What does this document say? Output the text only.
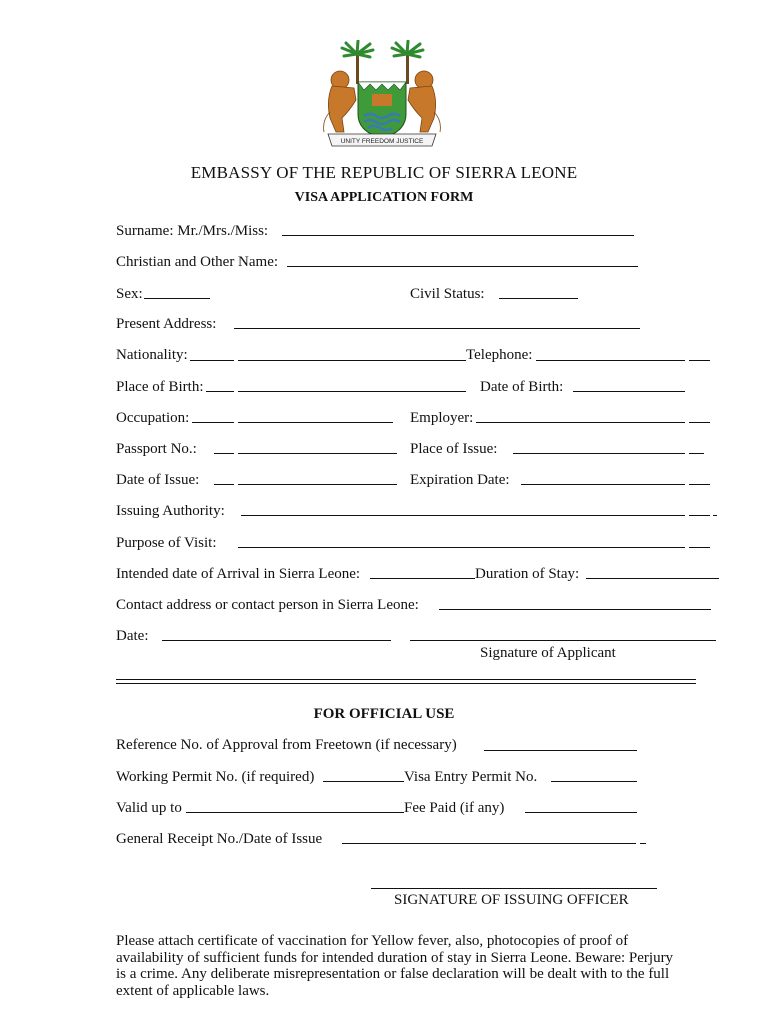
UNITY FREEDOM JUSTICE
EMBASSY OF THE REPUBLIC OF SIERRA LEONE
VISA APPLICATION FORM
Surname: Mr./Mrs./Miss:
Christian and Other Name:
Sex:	Civil Status:
Present Address:
Nationality:	Telephone:
Place of Birth:	Date of Birth:
Occupation:	Employer:
Passport No.:	Place of Issue:
Date of Issue:	Expiration Date:
Issuing Authority:
Purpose of Visit:
Intended date of Arrival in Sierra Leone:	Duration of Stay:
Contact address or contact person in Sierra Leone:
Date:
Signature of Applicant
FOR OFFICIAL USE
Reference No. of Approval from Freetown (if necessary)
Working Permit No. (if required)	Visa Entry Permit No.
Valid up to	Fee Paid (if any)
General Receipt No./Date of Issue
SIGNATURE OF ISSUING OFFICER
Please attach certificate of vaccination for Yellow fever, also, photocopies of proof of availability of sufficient funds for intended duration of stay in Sierra Leone. Beware: Perjury is a crime. Any deliberate misrepresentation or false declaration will be dealt with to the full extent of applicable laws.
